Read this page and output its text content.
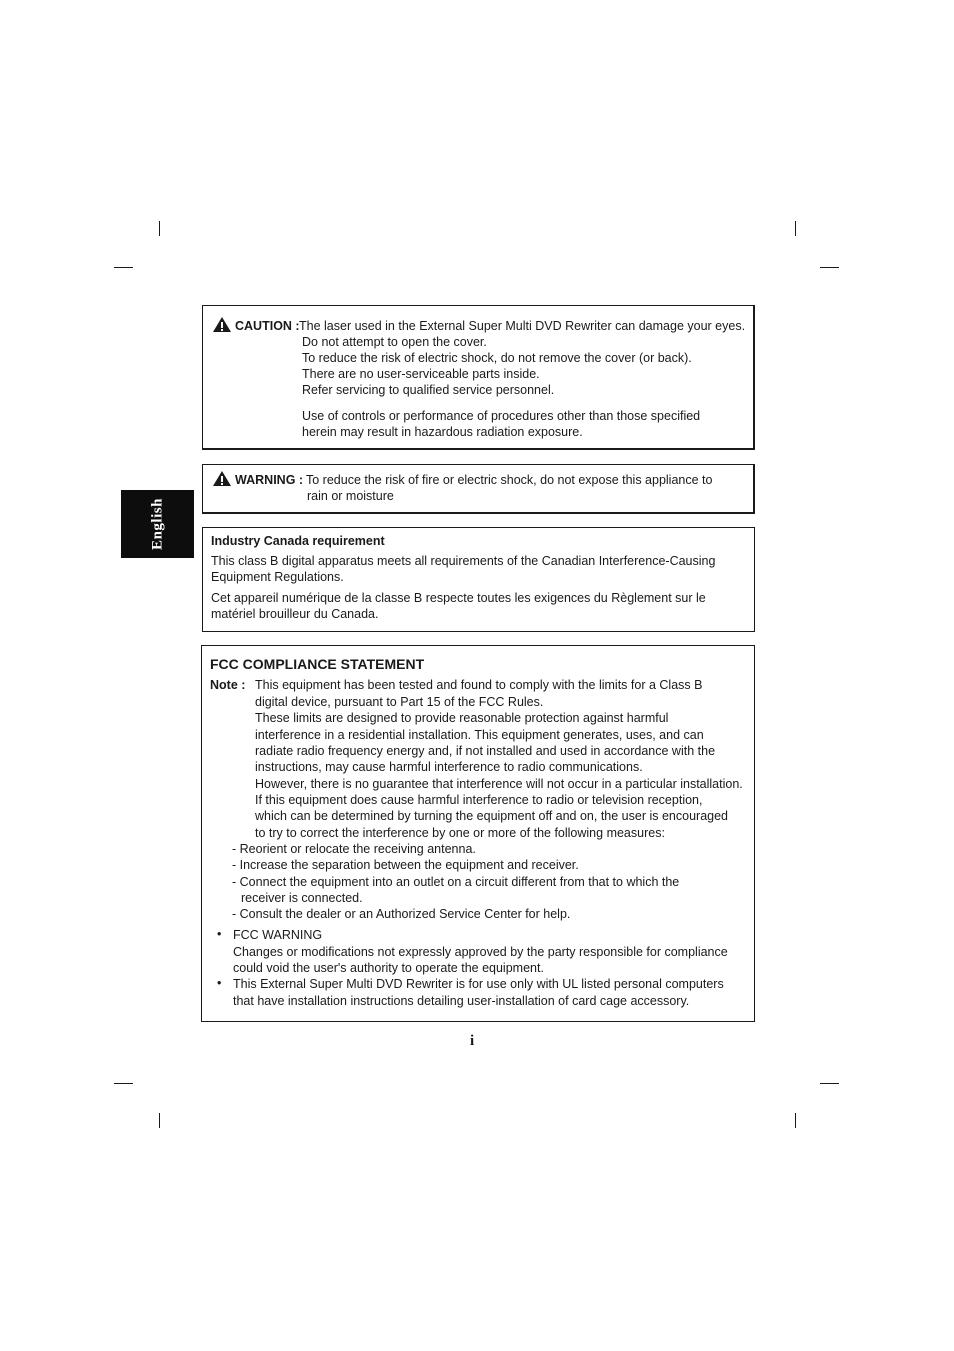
English
CAUTION : The laser used in the External Super Multi DVD Rewriter can damage your eyes.
Do not attempt to open the cover.
To reduce the risk of electric shock, do not remove the cover (or back).
There are no user-serviceable parts inside.
Refer servicing to qualified service personnel.
Use of controls or performance of procedures other than those specified
herein may result in hazardous radiation exposure.
WARNING : To reduce the risk of fire or electric shock, do not expose this appliance to
rain or moisture
Industry Canada requirement
This class B digital apparatus meets all requirements of the Canadian Interference-Causing
Equipment Regulations.
Cet appareil numérique de la classe B respecte toutes les exigences du Règlement sur le
matériel brouilleur du Canada.
FCC COMPLIANCE STATEMENT
Note : This equipment has been tested and found to comply with the limits for a Class B
digital device, pursuant to Part 15 of the FCC Rules.
These limits are designed to provide reasonable protection against harmful
interference in a residential installation. This equipment generates, uses, and can
radiate radio frequency energy and, if not installed and used in accordance with the
instructions, may cause harmful interference to radio communications.
However, there is no guarantee that interference will not occur in a particular installation.
If this equipment does cause harmful interference to radio or television reception,
which can be determined by turning the equipment off and on, the user is encouraged
to try to correct the interference by one or more of the following measures:
- Reorient or relocate the receiving antenna.
- Increase the separation between the equipment and receiver.
- Connect the equipment into an outlet on a circuit different from that to which the
receiver is connected.
- Consult the dealer or an Authorized Service Center for help.
• FCC WARNING
Changes or modifications not expressly approved by the party responsible for compliance
could void the user's authority to operate the equipment.
• This External Super Multi DVD Rewriter is for use only with UL listed personal computers
that have installation instructions detailing user-installation of card cage accessory.
i
